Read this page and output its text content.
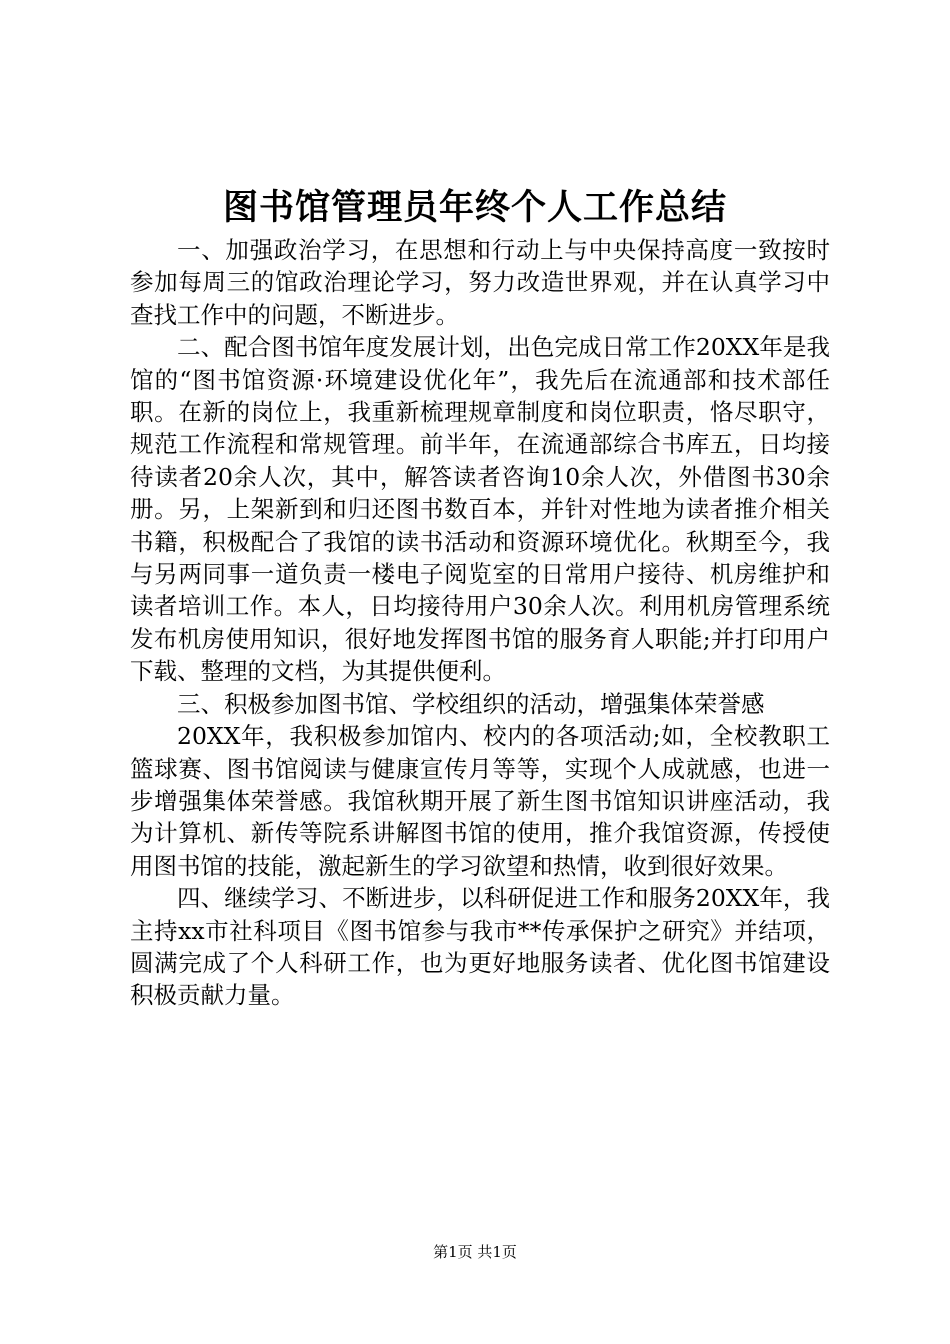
图书馆管理员年终个人工作总结

一、加强政治学习，在思想和行动上与中央保持高度一致按时参加每周三的馆政治理论学习，努力改造世界观，并在认真学习中查找工作中的问题，不断进步。

二、配合图书馆年度发展计划，出色完成日常工作20XX年是我馆的“图书馆资源·环境建设优化年”，我先后在流通部和技术部任职。在新的岗位上，我重新梳理规章制度和岗位职责，恪尽职守，规范工作流程和常规管理。前半年，在流通部综合书库五，日均接待读者20余人次，其中，解答读者咨询10余人次，外借图书30余册。另，上架新到和归还图书数百本，并针对性地为读者推介相关书籍，积极配合了我馆的读书活动和资源环境优化。秋期至今，我与另两同事一道负责一楼电子阅览室的日常用户接待、机房维护和读者培训工作。本人，日均接待用户30余人次。利用机房管理系统发布机房使用知识，很好地发挥图书馆的服务育人职能;并打印用户下载、整理的文档，为其提供便利。

三、积极参加图书馆、学校组织的活动，增强集体荣誉感

20XX年，我积极参加馆内、校内的各项活动;如，全校教职工篮球赛、图书馆阅读与健康宣传月等等，实现个人成就感，也进一步增强集体荣誉感。我馆秋期开展了新生图书馆知识讲座活动，我为计算机、新传等院系讲解图书馆的使用，推介我馆资源，传授使用图书馆的技能，激起新生的学习欲望和热情，收到很好效果。

四、继续学习、不断进步，以科研促进工作和服务20XX年，我主持xx市社科项目《图书馆参与我市**传承保护之研究》并结项，圆满完成了个人科研工作，也为更好地服务读者、优化图书馆建设积极贡献力量。

第1页 共1页
